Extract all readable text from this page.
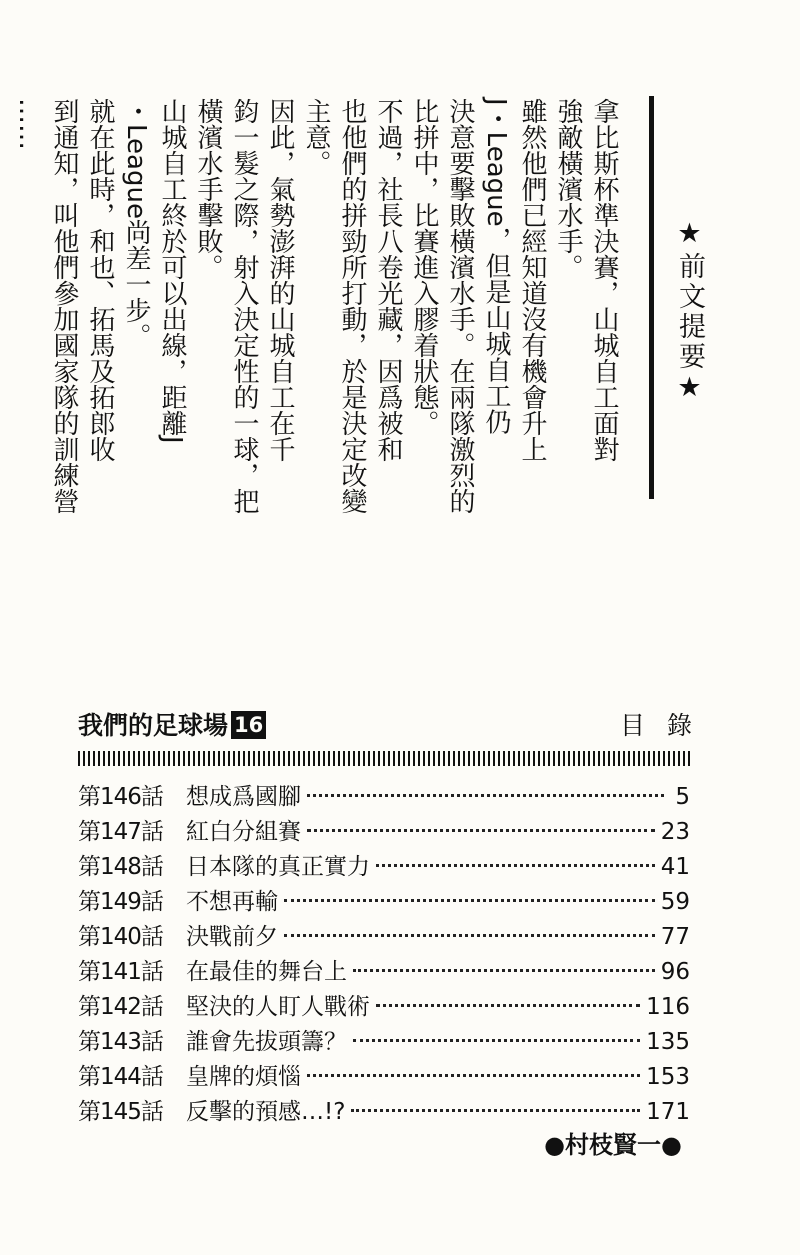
★前文提要★

拿比斯杯準決賽，山城自工面對

強敵橫濱水手。

雖然他們已經知道沒有機會升上

J・League，但是山城自工仍

決意要擊敗橫濱水手。在兩隊激烈的

比拼中，比賽進入膠着狀態。

不過，社長八卷光藏，因爲被和

也他們的拼勁所打動，於是決定改變

主意。

因此，氣勢澎湃的山城自工在千

鈞一髮之際，射入決定性的一球，把

橫濱水手擊敗。

山城自工終於可以出線，距離J

・League尚差一步。

就在此時，和也、拓馬及拓郎收

到通知，叫他們參加國家隊的訓練營

……

我們的足球場 16	目錄
第146話	想成爲國腳	5
第147話	紅白分組賽	23
第148話	日本隊的真正實力	41
第149話	不想再輸	59
第140話	決戰前夕	77
第141話	在最佳的舞台上	96
第142話	堅決的人盯人戰術	116
第143話	誰會先拔頭籌？	135
第144話	皇牌的煩惱	153
第145話	反擊的預感…!?	171
●村枝賢一●
